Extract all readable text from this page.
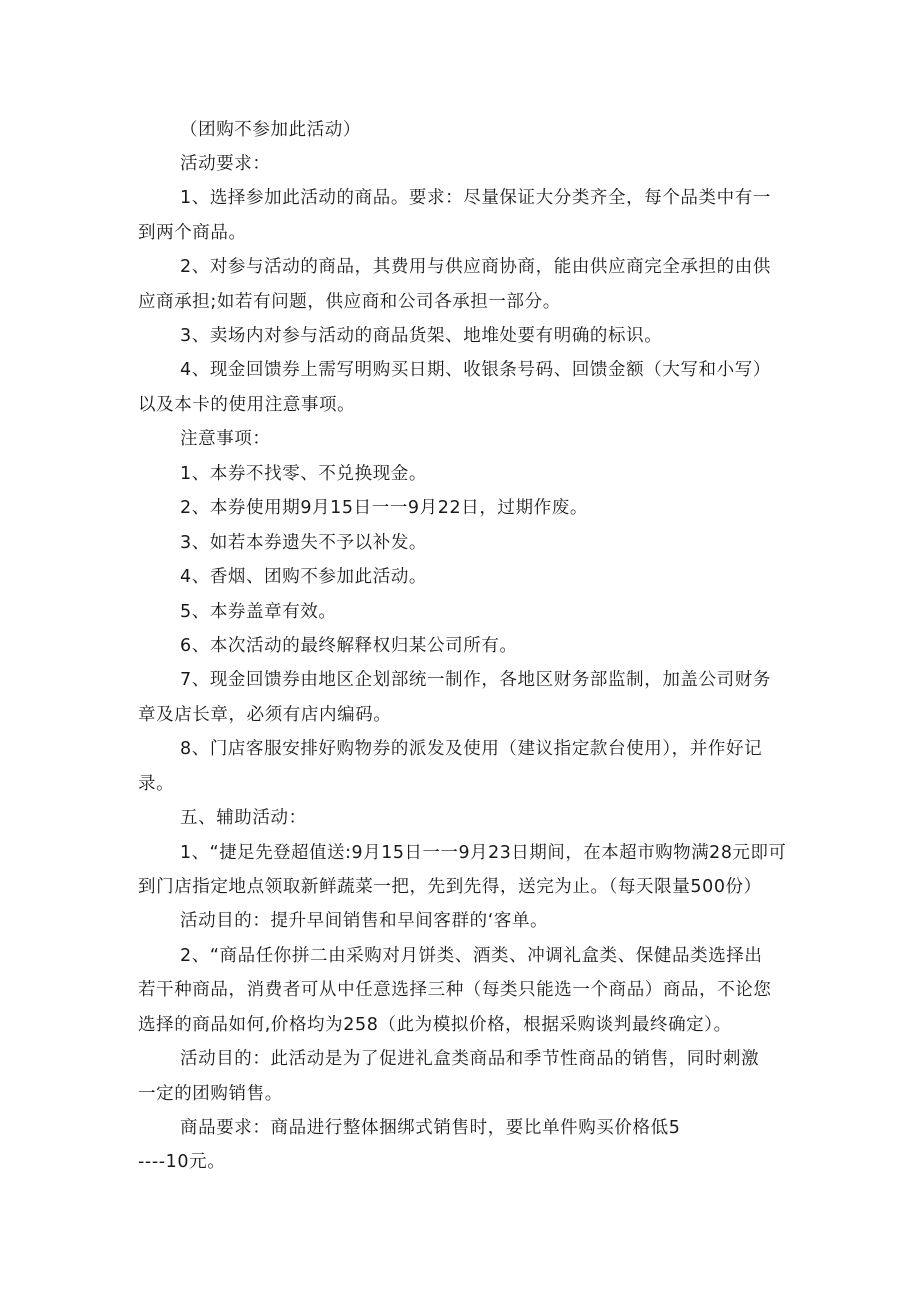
（团购不参加此活动）
活动要求：
1、选择参加此活动的商品。要求：尽量保证大分类齐全，每个品类中有一
到两个商品。
2、对参与活动的商品，其费用与供应商协商，能由供应商完全承担的由供
应商承担;如若有问题，供应商和公司各承担一部分。
3、卖场内对参与活动的商品货架、地堆处要有明确的标识。
4、现金回馈券上需写明购买日期、收银条号码、回馈金额（大写和小写）
以及本卡的使用注意事项。
注意事项：
1、本券不找零、不兑换现金。
2、本券使用期9月15日一一9月22日，过期作废。
3、如若本券遗失不予以补发。
4、香烟、团购不参加此活动。
5、本券盖章有效。
6、本次活动的最终解释权归某公司所有。
7、现金回馈券由地区企划部统一制作，各地区财务部监制，加盖公司财务
章及店长章，必须有店内编码。
8、门店客服安排好购物券的派发及使用（建议指定款台使用），并作好记
录。
五、辅助活动：
1、“捷足先登超值送:9月15日一一9月23日期间，在本超市购物满28元即可
到门店指定地点领取新鲜蔬菜一把，先到先得，送完为止。（每天限量500份）
活动目的：提升早间销售和早间客群的‘客单。
2、“商品任你拼二由采购对月饼类、酒类、冲调礼盒类、保健品类选择出
若干种商品，消费者可从中任意选择三种（每类只能选一个商品）商品，不论您
选择的商品如何,价格均为258（此为模拟价格，根据采购谈判最终确定）。
活动目的：此活动是为了促进礼盒类商品和季节性商品的销售，同时刺激
一定的团购销售。
商品要求：商品进行整体捆绑式销售时，要比单件购买价格低5
----10元。
